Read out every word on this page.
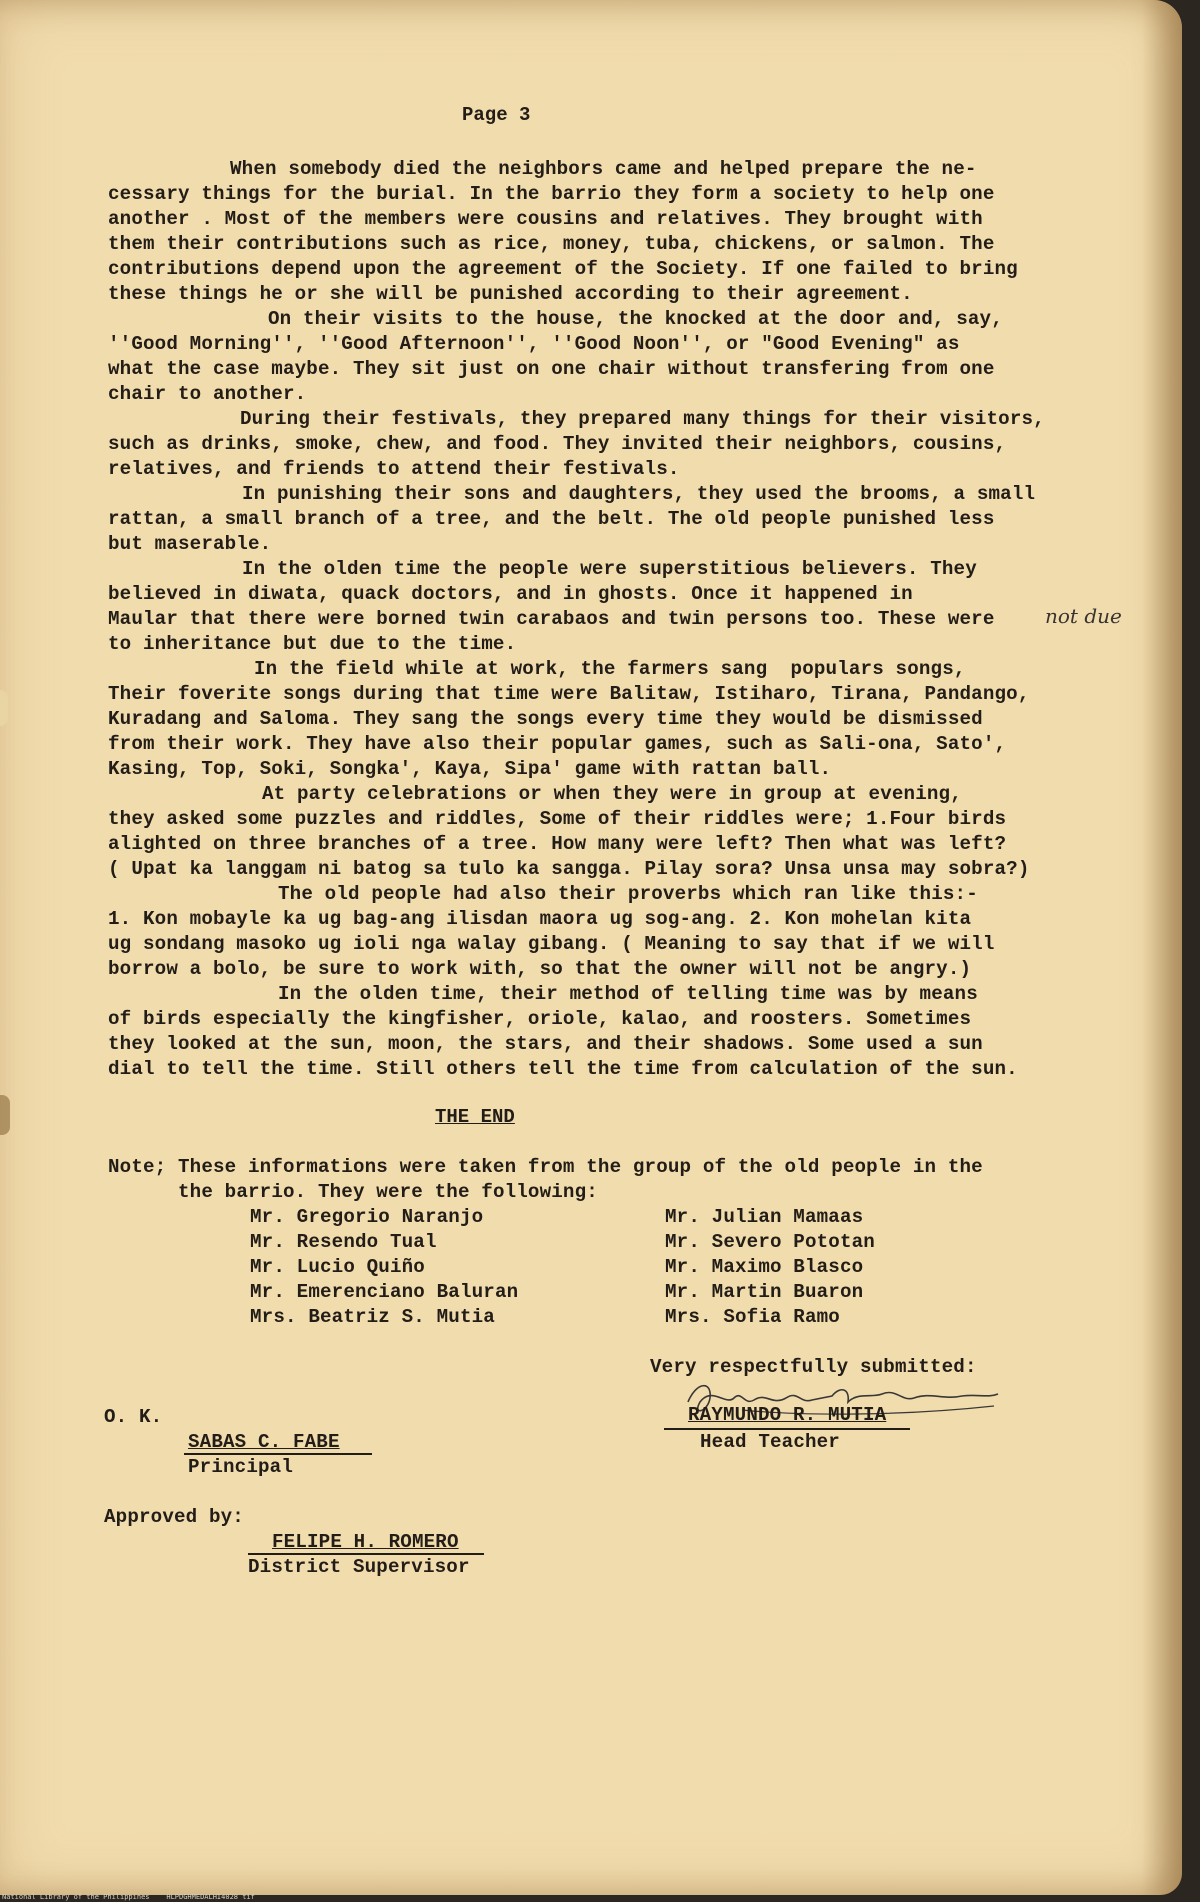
Page 3
When somebody died the neighbors came and helped prepare the ne-
cessary things for the burial. In the barrio they form a society to help one
another . Most of the members were cousins and relatives. They brought with
them their contributions such as rice, money, tuba, chickens, or salmon. The
contributions depend upon the agreement of the Society. If one failed to bring
these things he or she will be punished according to their agreement.
On their visits to the house, the knocked at the door and, say,
''Good Morning'', ''Good Afternoon'', ''Good Noon'', or "Good Evening" as
what the case maybe. They sit just on one chair without transfering from one
chair to another.
During their festivals, they prepared many things for their visitors,
such as drinks, smoke, chew, and food. They invited their neighbors, cousins,
relatives, and friends to attend their festivals.
In punishing their sons and daughters, they used the brooms, a small
rattan, a small branch of a tree, and the belt. The old people punished less
but maserable.
In the olden time the people were superstitious believers. They
believed in diwata, quack doctors, and in ghosts. Once it happened in
Maular that there were borned twin carabaos and twin persons too. These were	not due
to inheritance but due to the time.
In the field while at work, the farmers sang  populars songs,
Their foverite songs during that time were Balitaw, Istiharo, Tirana, Pandango,
Kuradang and Saloma. They sang the songs every time they would be dismissed
from their work. They have also their popular games, such as Sali-ona, Sato',
Kasing, Top, Soki, Songka', Kaya, Sipa' game with rattan ball.
At party celebrations or when they were in group at evening,
they asked some puzzles and riddles, Some of their riddles were; 1.Four birds
alighted on three branches of a tree. How many were left? Then what was left?
( Upat ka langgam ni batog sa tulo ka sangga. Pilay sora? Unsa unsa may sobra?)
The old people had also their proverbs which ran like this:-
1. Kon mobayle ka ug bag-ang ilisdan maora ug sog-ang. 2. Kon mohelan kita
ug sondang masoko ug ioli nga walay gibang. ( Meaning to say that if we will
borrow a bolo, be sure to work with, so that the owner will not be angry.)
In the olden time, their method of telling time was by means
of birds especially the kingfisher, oriole, kalao, and roosters. Sometimes
they looked at the sun, moon, the stars, and their shadows. Some used a sun
dial to tell the time. Still others tell the time from calculation of the sun.
THE END
Note; These informations were taken from the group of the old people in the
the barrio. They were the following:
Mr. Gregorio Naranjo
Mr. Resendo Tual
Mr. Lucio Quiño
Mr. Emerenciano Baluran
Mrs. Beatriz S. Mutia
Mr. Julian Mamaas
Mr. Severo Pototan
Mr. Maximo Blasco
Mr. Martin Buaron
Mrs. Sofia Ramo
Very respectfully submitted:
RAYMUNDO R. MUTIA
Head Teacher
O. K.
SABAS C. FABE
Principal
Approved by:
FELIPE H. ROMERO
District Supervisor
National Library of the Philippines    HLPDGHMEDALHI4028 tif
